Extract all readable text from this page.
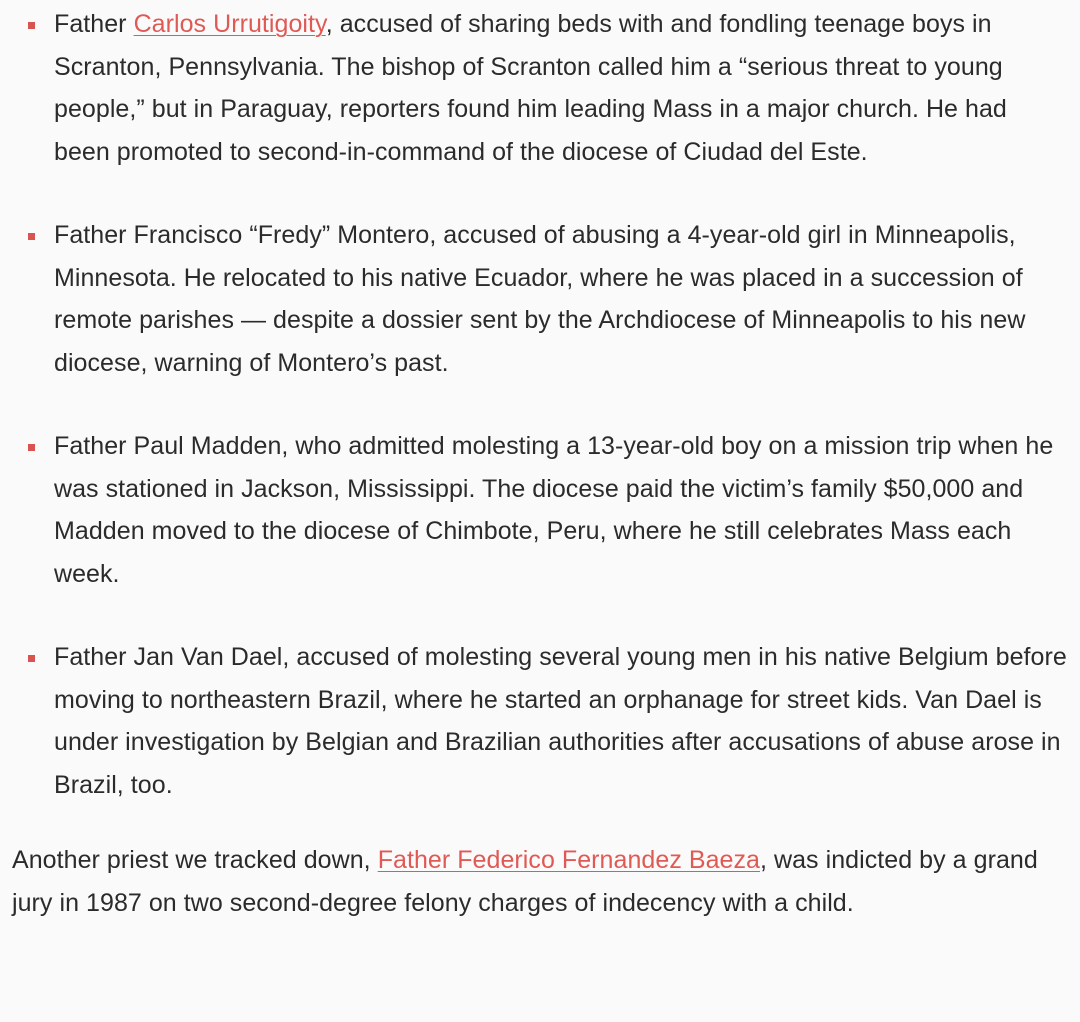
Father Carlos Urrutigoity, accused of sharing beds with and fondling teenage boys in Scranton, Pennsylvania. The bishop of Scranton called him a “serious threat to young people,” but in Paraguay, reporters found him leading Mass in a major church. He had been promoted to second-in-command of the diocese of Ciudad del Este.
Father Francisco “Fredy” Montero, accused of abusing a 4-year-old girl in Minneapolis, Minnesota. He relocated to his native Ecuador, where he was placed in a succession of remote parishes — despite a dossier sent by the Archdiocese of Minneapolis to his new diocese, warning of Montero’s past.
Father Paul Madden, who admitted molesting a 13-year-old boy on a mission trip when he was stationed in Jackson, Mississippi. The diocese paid the victim’s family $50,000 and Madden moved to the diocese of Chimbote, Peru, where he still celebrates Mass each week.
Father Jan Van Dael, accused of molesting several young men in his native Belgium before moving to northeastern Brazil, where he started an orphanage for street kids. Van Dael is under investigation by Belgian and Brazilian authorities after accusations of abuse arose in Brazil, too.

Another priest we tracked down, Father Federico Fernandez Baeza, was indicted by a grand jury in 1987 on two second-degree felony charges of indecency with a child.
